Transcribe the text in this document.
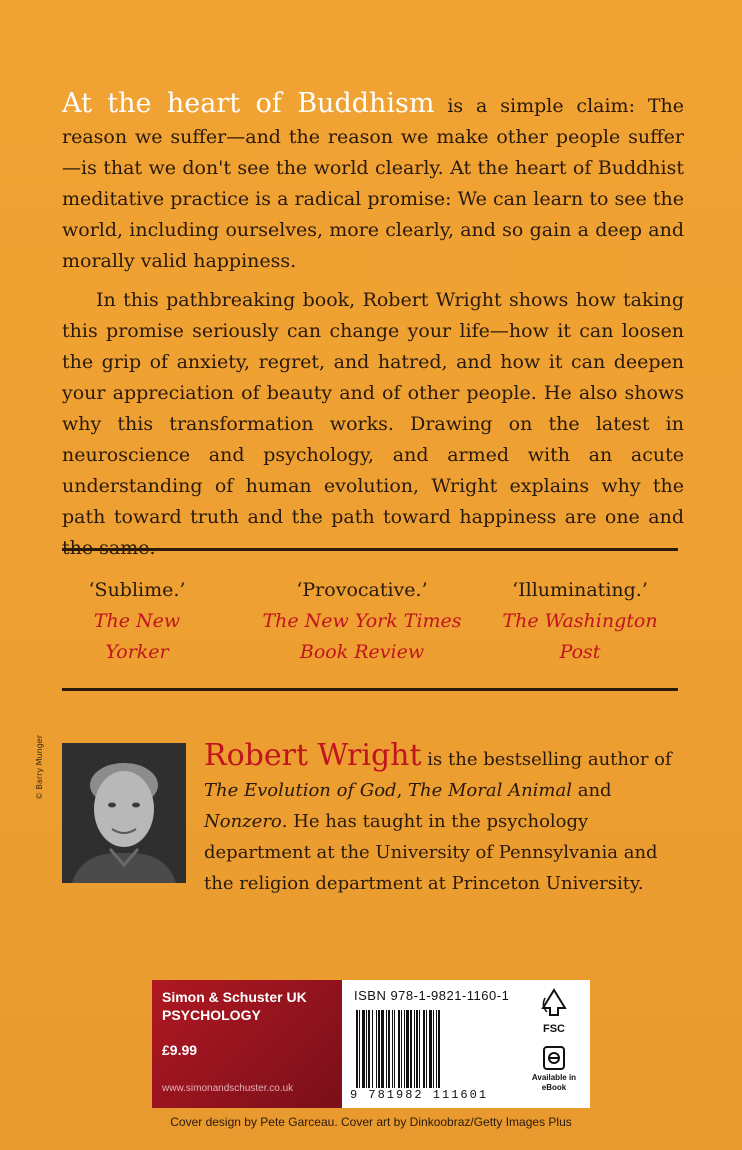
At the heart of Buddhism is a simple claim: The reason we suffer—and the reason we make other people suffer—is that we don't see the world clearly. At the heart of Buddhist meditative practice is a radical promise: We can learn to see the world, including ourselves, more clearly, and so gain a deep and morally valid happiness.

In this pathbreaking book, Robert Wright shows how taking this promise seriously can change your life—how it can loosen the grip of anxiety, regret, and hatred, and how it can deepen your appreciation of beauty and of other people. He also shows why this transformation works. Drawing on the latest in neuroscience and psychology, and armed with an acute understanding of human evolution, Wright explains why the path toward truth and the path toward happiness are one and

‘Sublime.’
The New Yorker
‘Provocative.’
The New York Times
Book Review
‘Illuminating.’
The Washington Post
© Barry Munger	Robert Wright is the bestselling author of
The Evolution of God, The Moral Animal and Nonzero. He has taught in the psychology department at the University of Pennsylvania and the religion department at Princeton University.
Simon & Schuster UK
PSYCHOLOGY
£9.99
www.simonandschuster.co.uk
ISBN 978-1-9821-1160-1
9 781982 111601
FSC
Available in eBook
Cover design by Pete Garceau. Cover art by Dinkoobraz/Getty Images Plus
